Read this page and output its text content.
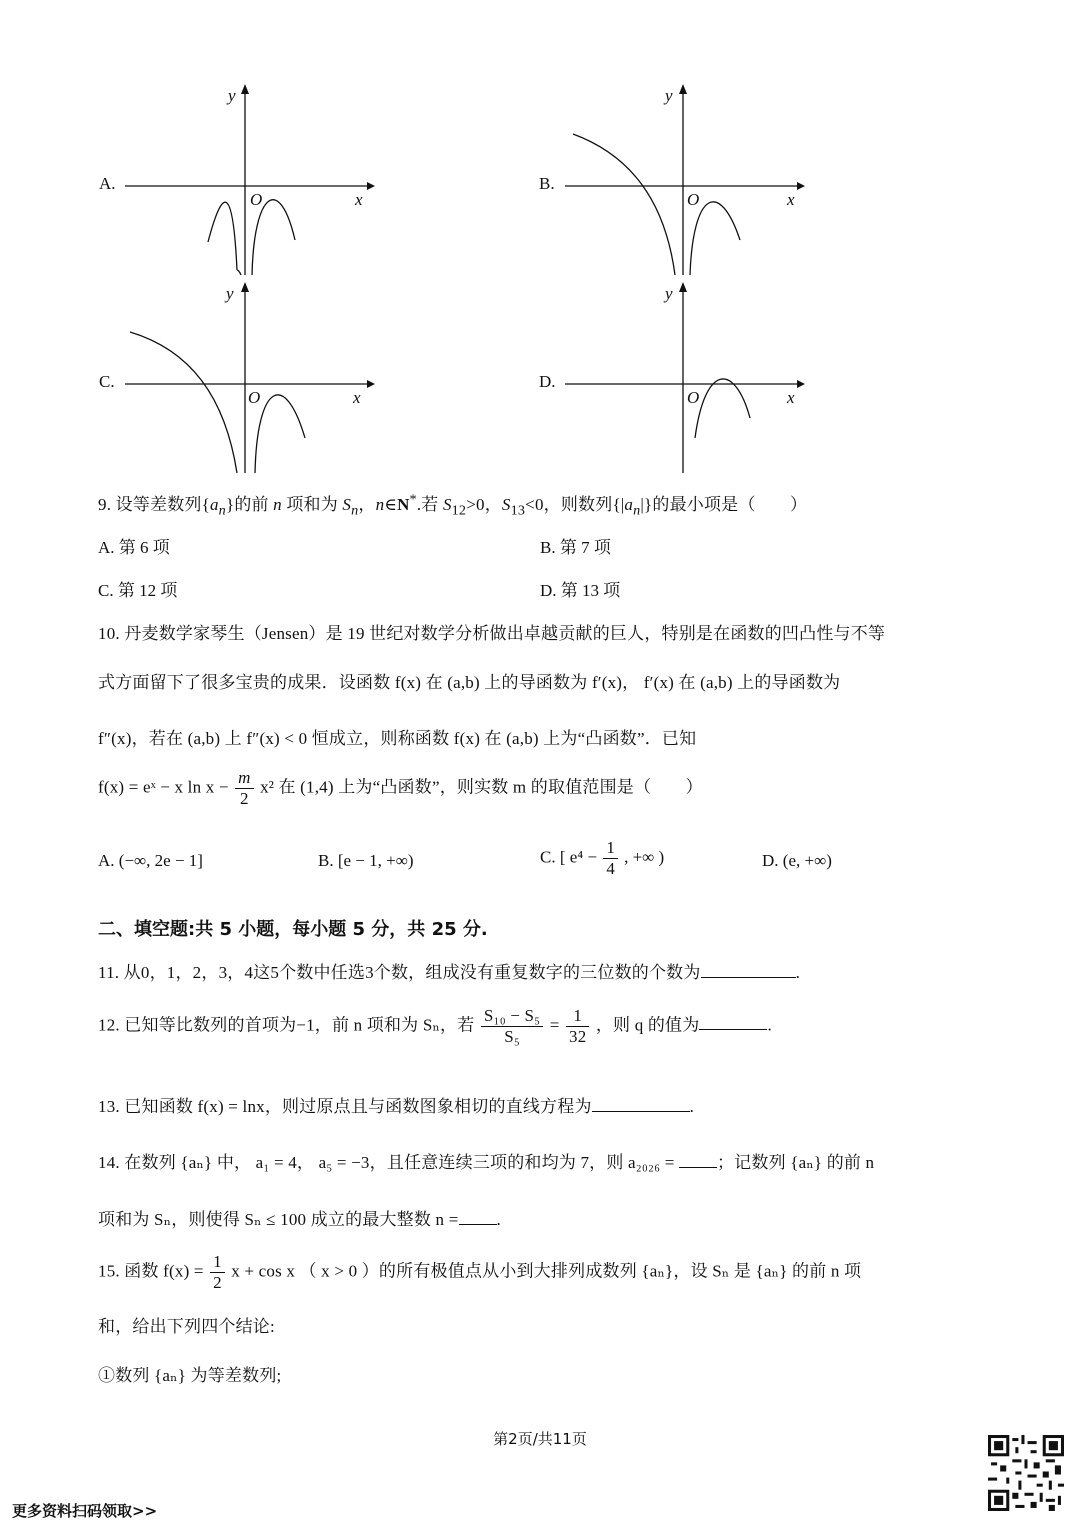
A.
y
x
O
B.
y
x
O
C.
y
x
O
D.
y
x
O
9. 设等差数列$\{a_n\}$的前 n 项和为 $S_n$，n∈N*.若 $S_{12}>0$，$S_{13}<0$，则数列$\{|a_n|\}$的最小项是（　　）
A. 第 6 项	B. 第 7 项
C. 第 12 项	D. 第 13 项
10. 丹麦数学家琴生（Jensen）是 19 世纪对数学分析做出卓越贡献的巨人，特别是在函数的凹凸性与不等
式方面留下了很多宝贵的成果．设函数 f(x) 在 (a,b) 上的导函数为 f′(x)， f′(x) 在 (a,b) 上的导函数为
f″(x)，若在 (a,b) 上 f″(x) < 0 恒成立，则称函数 f(x) 在 (a,b) 上为“凸函数”．已知
f(x) = eˣ − x $\ln x - \frac{m}{2} x^2$ 在 (1,4) 上为“凸函数”，则实数 m 的取值范围是（　　）
A. (−∞, 2e − 1]	B. [e − 1, +∞)	C. [ $e^4 - \frac{1}{4}$ , +∞ )	D. (e, +∞)
二、填空题:共 5 小题，每小题 5 分，共 25 分.
11. 从0，1，2，3，4这5个数中任选3个数，组成没有重复数字的三位数的个数为	.
12. 已知等比数列的首项为−1，前 n 项和为 Sₙ，若 $\frac{\text{S₁₀ − S₅}}{\text{S₅}} = \frac{1}{32}$ ，则 q 的值为	.
13. 已知函数 f(x) = lnx，则过原点且与函数图象相切的直线方程为	.
14. 在数列 {aₙ} 中， a₁ = 4， a₅ = −3，且任意连续三项的和均为 7，则 a₂₀₂₆ = ；记数列 {aₙ} 的前 n
项和为 Sₙ，则使得 Sₙ ≤ 100 成立的最大整数 n = .
15. 函数 $f(x) = \frac{1}{2}$ x + cos x （ x > 0 ）的所有极值点从小到大排列成数列 {aₙ}，设 Sₙ 是 {aₙ} 的前 n 项
和，给出下列四个结论:
①数列 {aₙ} 为等差数列;
第2页/共11页
更多资料扫码领取>>
